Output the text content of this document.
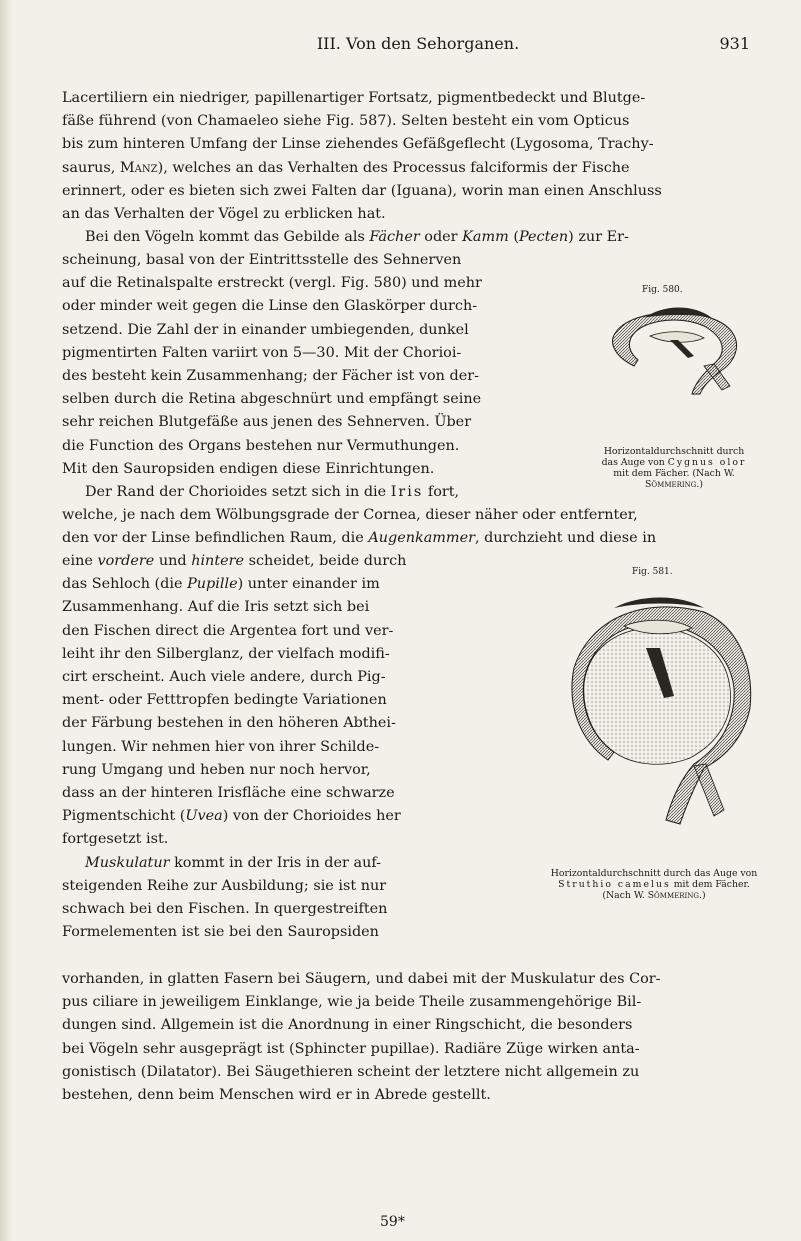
III. Von den Sehorganen.	931

Lacertiliern ein niedriger, papillenartiger Fortsatz, pigmentbedeckt und Blutge-

fäße führend (von Chamaeleo siehe Fig. 587). Selten besteht ein vom Opticus

bis zum hinteren Umfang der Linse ziehendes Gefäßgeflecht (Lygosoma, Trachy-

saurus, Manz), welches an das Verhalten des Processus falciformis der Fische

erinnert, oder es bieten sich zwei Falten dar (Iguana), worin man einen Anschluss

an das Verhalten der Vögel zu erblicken hat.

Bei den Vögeln kommt das Gebilde als Fächer oder Kamm (Pecten) zur Er-

scheinung, basal von der Eintrittsstelle des Sehnerven

auf die Retinalspalte erstreckt (vergl. Fig. 580) und mehr

oder minder weit gegen die Linse den Glaskörper durch-

setzend. Die Zahl der in einander umbiegenden, dunkel

pigmentirten Falten variirt von 5—30. Mit der Chorioi-

des besteht kein Zusammenhang; der Fächer ist von der-

selben durch die Retina abgeschnürt und empfängt seine

sehr reichen Blutgefäße aus jenen des Sehnerven. Über

die Function des Organs bestehen nur Vermuthungen.

Mit den Sauropsiden endigen diese Einrichtungen.

Der Rand der Chorioides setzt sich in die Iris fort,

welche, je nach dem Wölbungsgrade der Cornea, dieser näher oder entfernter,

den vor der Linse befindlichen Raum, die Augenkammer, durchzieht und diese in

eine vordere und hintere scheidet, beide durch

das Sehloch (die Pupille) unter einander im

Zusammenhang. Auf die Iris setzt sich bei

den Fischen direct die Argentea fort und ver-

leiht ihr den Silberglanz, der vielfach modifi-

cirt erscheint. Auch viele andere, durch Pig-

ment- oder Fetttropfen bedingte Variationen

der Färbung bestehen in den höheren Abthei-

lungen. Wir nehmen hier von ihrer Schilde-

rung Umgang und heben nur noch hervor,

dass an der hinteren Irisfläche eine schwarze

Pigmentschicht (Uvea) von der Chorioides her

fortgesetzt ist.

Muskulatur kommt in der Iris in der auf-

steigenden Reihe zur Ausbildung; sie ist nur

schwach bei den Fischen. In quergestreiften

Formelementen ist sie bei den Sauropsiden

vorhanden, in glatten Fasern bei Säugern, und dabei mit der Muskulatur des Cor-

pus ciliare in jeweiligem Einklange, wie ja beide Theile zusammengehörige Bil-

dungen sind. Allgemein ist die Anordnung in einer Ringschicht, die besonders

bei Vögeln sehr ausgeprägt ist (Sphincter pupillae). Radiäre Züge wirken anta-

gonistisch (Dilatator). Bei Säugethieren scheint der letztere nicht allgemein zu

bestehen, denn beim Menschen wird er in Abrede gestellt.

Fig. 580.
Horizontaldurchschnitt durch
das Auge von Cygnus olor
mit dem Fächer. (Nach W.
Sömmering.)
Fig. 581.
Horizontaldurchschnitt durch das Auge von
Struthio camelus mit dem Fächer.
(Nach W. Sömmering.)
59*
